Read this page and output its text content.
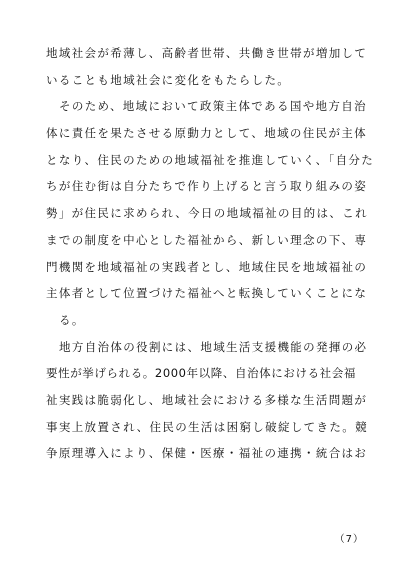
地域社会が希薄し、高齢者世帯、共働き世帯が増加して
いることも地域社会に変化をもたらした。
そのため、地域において政策主体である国や地方自治
体に責任を果たさせる原動力として、地域の住民が主体
となり、住民のための地域福祉を推進していく、「自分た
ちが住む街は自分たちで作り上げると言う取り組みの姿
勢」が住民に求められ、今日の地域福祉の目的は、これ
までの制度を中心とした福祉から、新しい理念の下、専
門機関を地域福祉の実践者とし、地域住民を地域福祉の
主体者として位置づけた福祉へと転換していくことにな
る。
地方自治体の役割には、地域生活支援機能の発揮の必
要性が挙げられる。2000年以降、自治体における社会福
祉実践は脆弱化し、地域社会における多様な生活問題が
事実上放置され、住民の生活は困窮し破綻してきた。競
争原理導入により、保健・医療・福祉の連携・統合はお
（7）
